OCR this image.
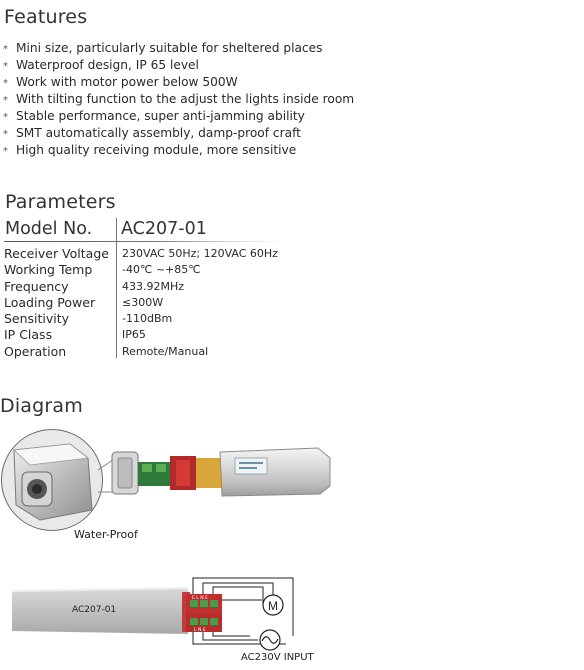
Features
* Mini size, particularly suitable for sheltered places
* Waterproof design, IP 65 level
* Work with motor power below 500W
* With tilting function to the adjust the lights inside room
* Stable performance, super anti-jamming ability
* SMT automatically assembly, damp-proof craft
* High quality receiving module, more sensitive
Parameters
Model No. AC207-01
Receiver Voltage
Working Temp
Frequency
Loading Power
Sensitivity
IP Class
Operation
230VAC 50Hz; 120VAC 60Hz
-40℃ ~+85℃
433.92MHz
≤300W
-110dBm
IP65
Remote/Manual
Diagram
M
E L N E
L N E
Water-Proof
AC207-01
AC230V INPUT
